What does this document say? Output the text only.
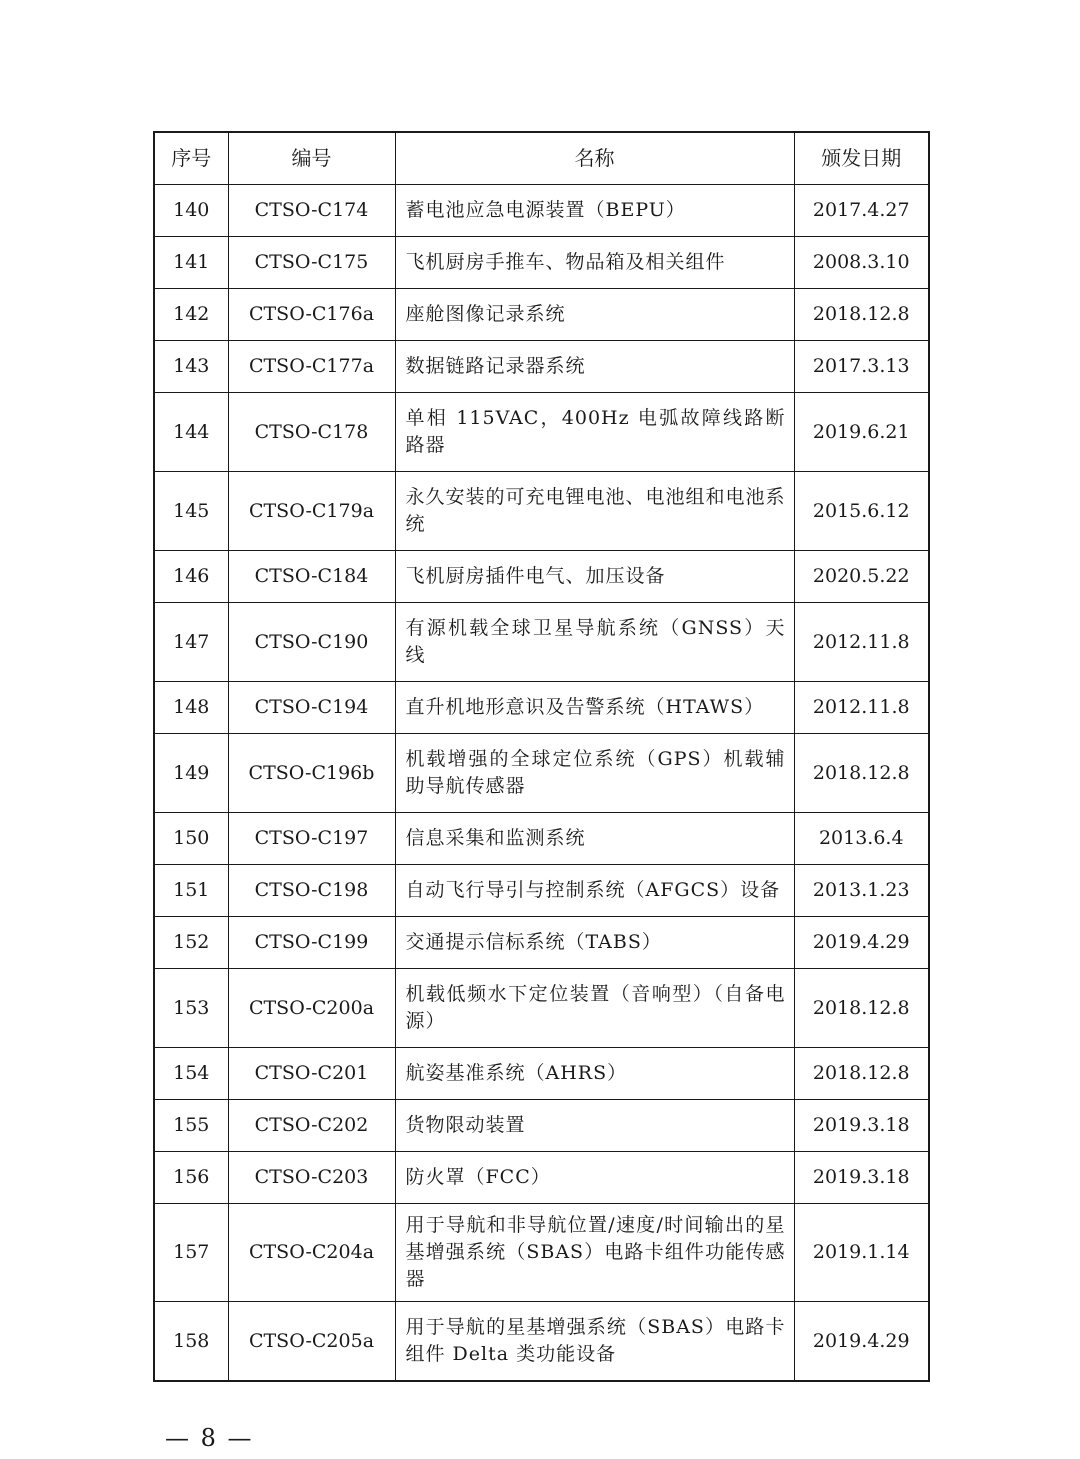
序号	编号	名称	颁发日期
140	CTSO-C174	蓄电池应急电源装置（BEPU）	2017.4.27
141	CTSO-C175	飞机厨房手推车、物品箱及相关组件	2008.3.10
142	CTSO-C176a	座舱图像记录系统	2018.12.8
143	CTSO-C177a	数据链路记录器系统	2017.3.13
144	CTSO-C178	单相 115VAC，400Hz 电弧故障线路断路器	2019.6.21
145	CTSO-C179a	永久安装的可充电锂电池、电池组和电池系统	2015.6.12
146	CTSO-C184	飞机厨房插件电气、加压设备	2020.5.22
147	CTSO-C190	有源机载全球卫星导航系统（GNSS）天线	2012.11.8
148	CTSO-C194	直升机地形意识及告警系统（HTAWS）	2012.11.8
149	CTSO-C196b	机载增强的全球定位系统（GPS）机载辅助导航传感器	2018.12.8
150	CTSO-C197	信息采集和监测系统	2013.6.4
151	CTSO-C198	自动飞行导引与控制系统（AFGCS）设备	2013.1.23
152	CTSO-C199	交通提示信标系统（TABS）	2019.4.29
153	CTSO-C200a	机载低频水下定位装置（音响型）（自备电源）	2018.12.8
154	CTSO-C201	航姿基准系统（AHRS）	2018.12.8
155	CTSO-C202	货物限动装置	2019.3.18
156	CTSO-C203	防火罩（FCC）	2019.3.18
157	CTSO-C204a	用于导航和非导航位置/速度/时间输出的星基增强系统（SBAS）电路卡组件功能传感器	2019.1.14
158	CTSO-C205a	用于导航的星基增强系统（SBAS）电路卡组件 Delta 类功能设备	2019.4.29
— 8 —
